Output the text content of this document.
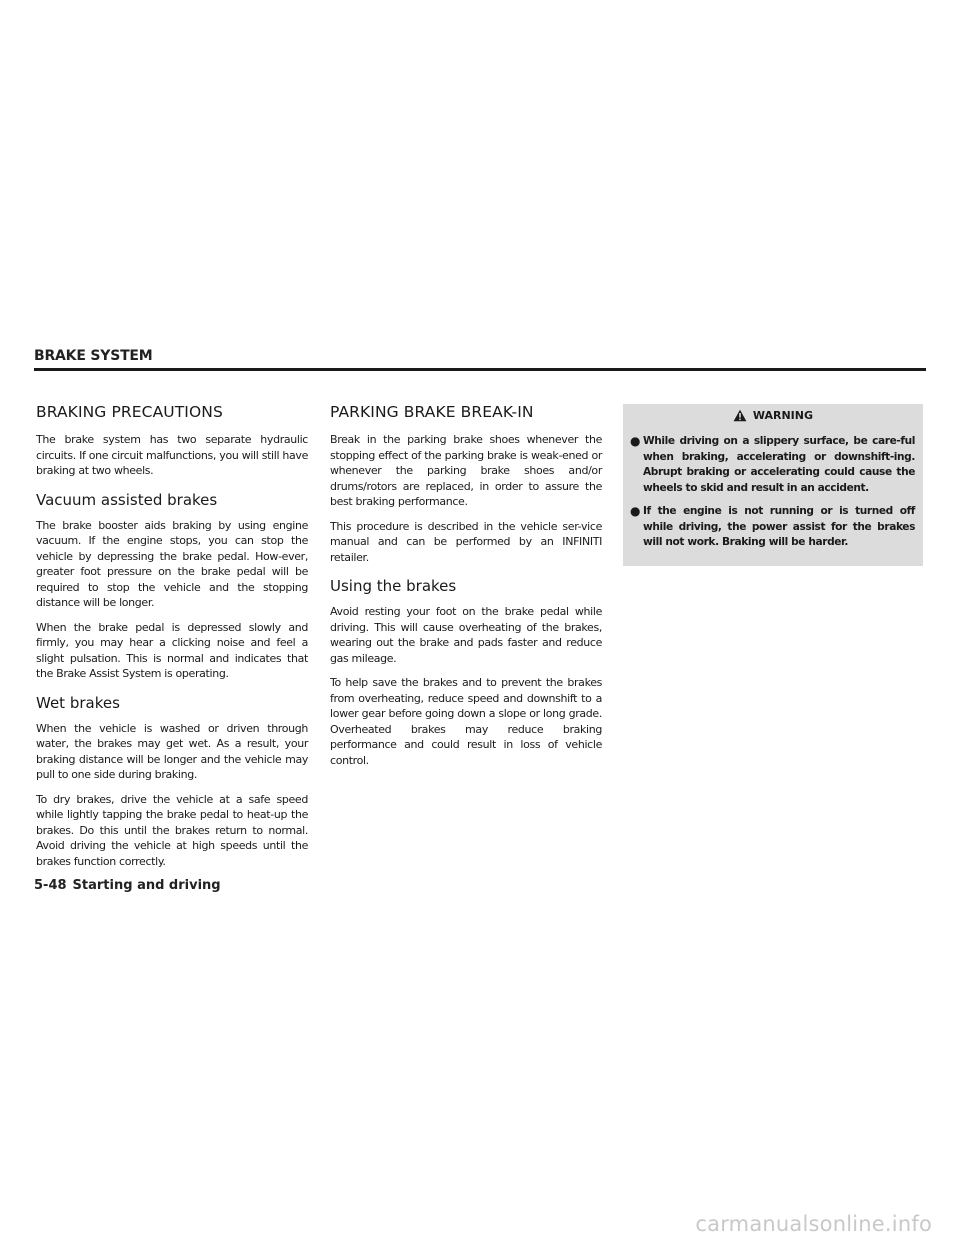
BRAKE SYSTEM
BRAKING PRECAUTIONS

The brake system has two separate hydraulic circuits. If one circuit malfunctions, you will still have braking at two wheels.

Vacuum assisted brakes

The brake booster aids braking by using engine vacuum. If the engine stops, you can stop the vehicle by depressing the brake pedal. How-ever, greater foot pressure on the brake pedal will be required to stop the vehicle and the stopping distance will be longer.

When the brake pedal is depressed slowly and firmly, you may hear a clicking noise and feel a slight pulsation. This is normal and indicates that the Brake Assist System is operating.

Wet brakes

When the vehicle is washed or driven through water, the brakes may get wet. As a result, your braking distance will be longer and the vehicle may pull to one side during braking.

To dry brakes, drive the vehicle at a safe speed while lightly tapping the brake pedal to heat-up the brakes. Do this until the brakes return to normal. Avoid driving the vehicle at high speeds until the brakes function correctly.

PARKING BRAKE BREAK-IN

Break in the parking brake shoes whenever the stopping effect of the parking brake is weak-ened or whenever the parking brake shoes and/or drums/rotors are replaced, in order to assure the best braking performance.

This procedure is described in the vehicle ser-vice manual and can be performed by an INFINITI retailer.

Using the brakes

Avoid resting your foot on the brake pedal while driving. This will cause overheating of the brakes, wearing out the brake and pads faster and reduce gas mileage.

To help save the brakes and to prevent the brakes from overheating, reduce speed and downshift to a lower gear before going down a slope or long grade. Overheated brakes may reduce braking performance and could result in loss of vehicle control.

WARNING
● While driving on a slippery surface, be care-ful when braking, accelerating or downshift-ing. Abrupt braking or accelerating could cause the wheels to skid and result in an accident.
● If the engine is not running or is turned off while driving, the power assist for the brakes will not work. Braking will be harder.
5-48 Starting and driving
carmanualsonline.info
